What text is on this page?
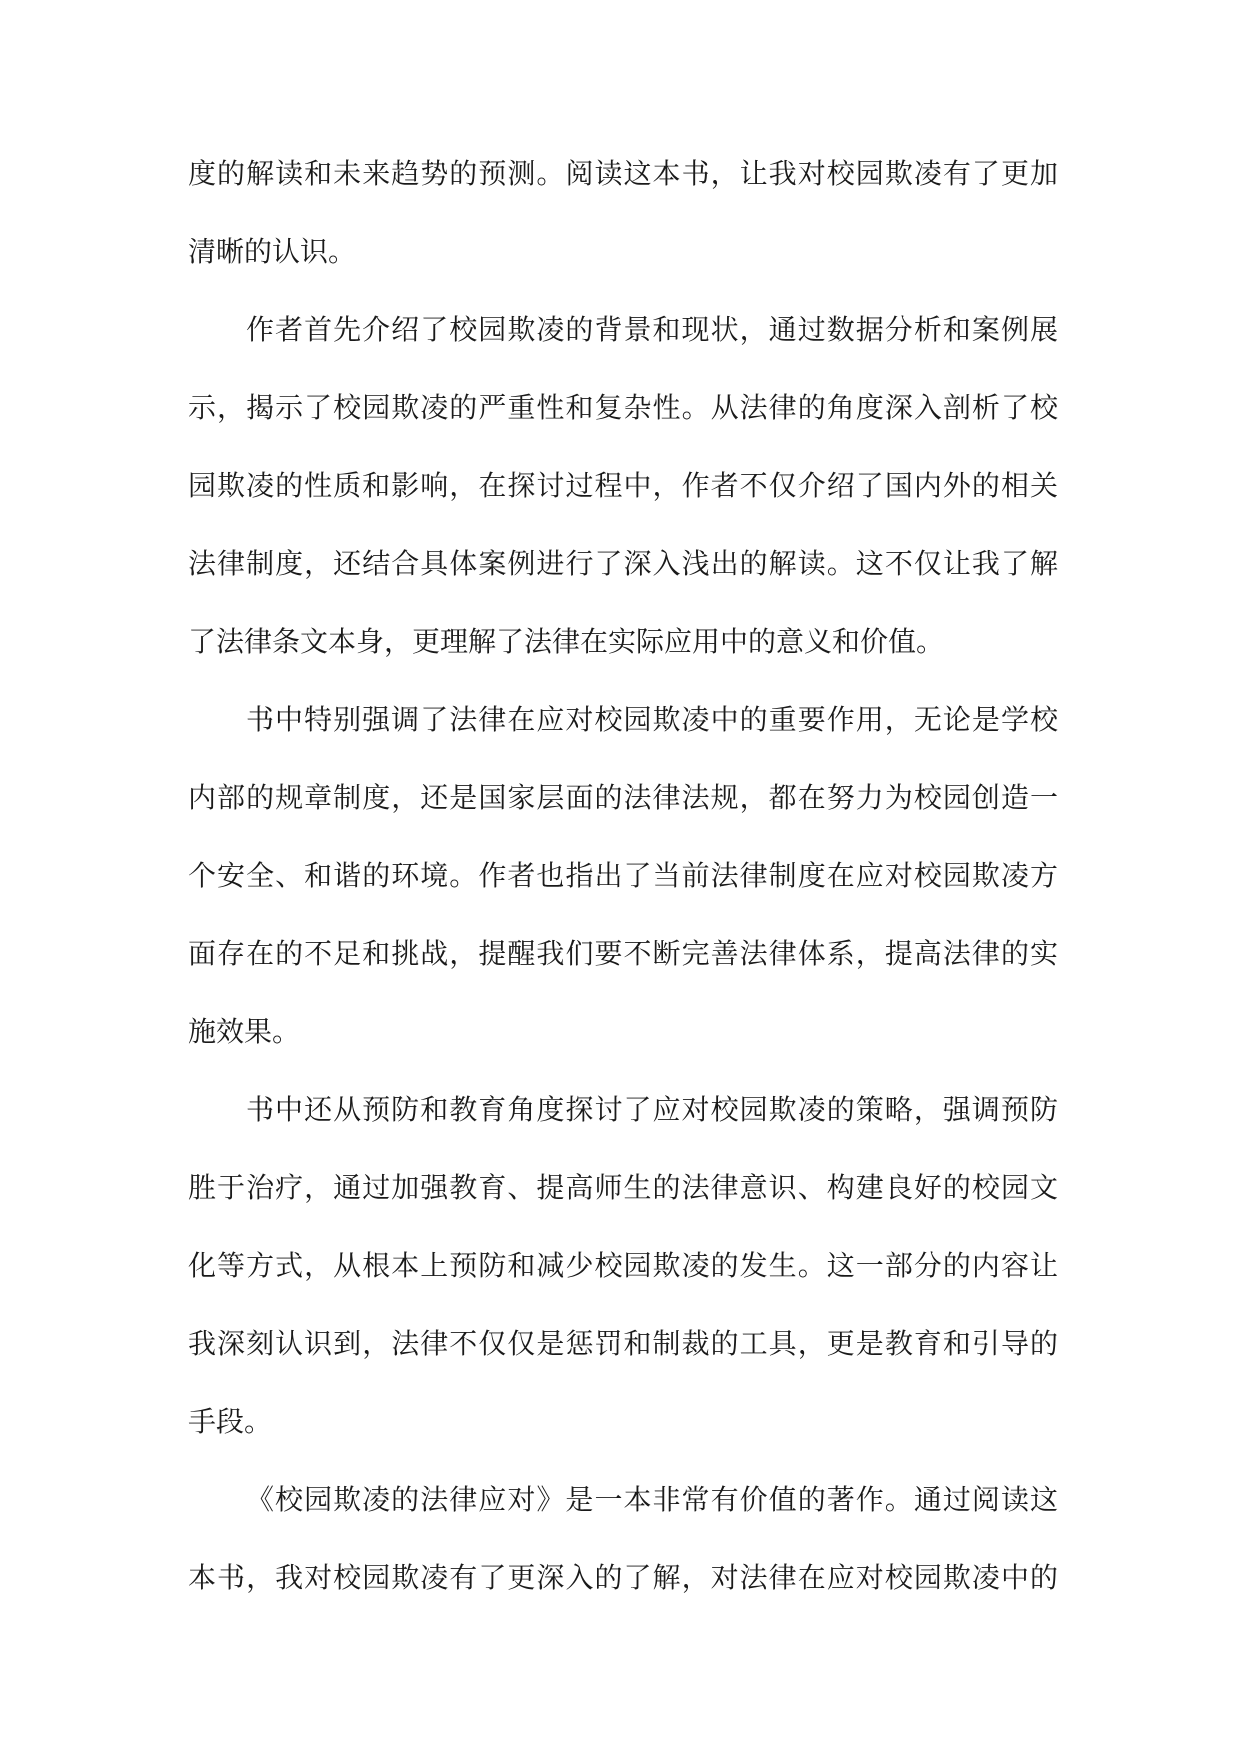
度的解读和未来趋势的预测。阅读这本书，让我对校园欺凌有了更加
清晰的认识。
作者首先介绍了校园欺凌的背景和现状，通过数据分析和案例展
示，揭示了校园欺凌的严重性和复杂性。从法律的角度深入剖析了校
园欺凌的性质和影响，在探讨过程中，作者不仅介绍了国内外的相关
法律制度，还结合具体案例进行了深入浅出的解读。这不仅让我了解
了法律条文本身，更理解了法律在实际应用中的意义和价值。
书中特别强调了法律在应对校园欺凌中的重要作用，无论是学校
内部的规章制度，还是国家层面的法律法规，都在努力为校园创造一
个安全、和谐的环境。作者也指出了当前法律制度在应对校园欺凌方
面存在的不足和挑战，提醒我们要不断完善法律体系，提高法律的实
施效果。
书中还从预防和教育角度探讨了应对校园欺凌的策略，强调预防
胜于治疗，通过加强教育、提高师生的法律意识、构建良好的校园文
化等方式，从根本上预防和减少校园欺凌的发生。这一部分的内容让
我深刻认识到，法律不仅仅是惩罚和制裁的工具，更是教育和引导的
手段。
《校园欺凌的法律应对》是一本非常有价值的著作。通过阅读这
本书，我对校园欺凌有了更深入的了解，对法律在应对校园欺凌中的
